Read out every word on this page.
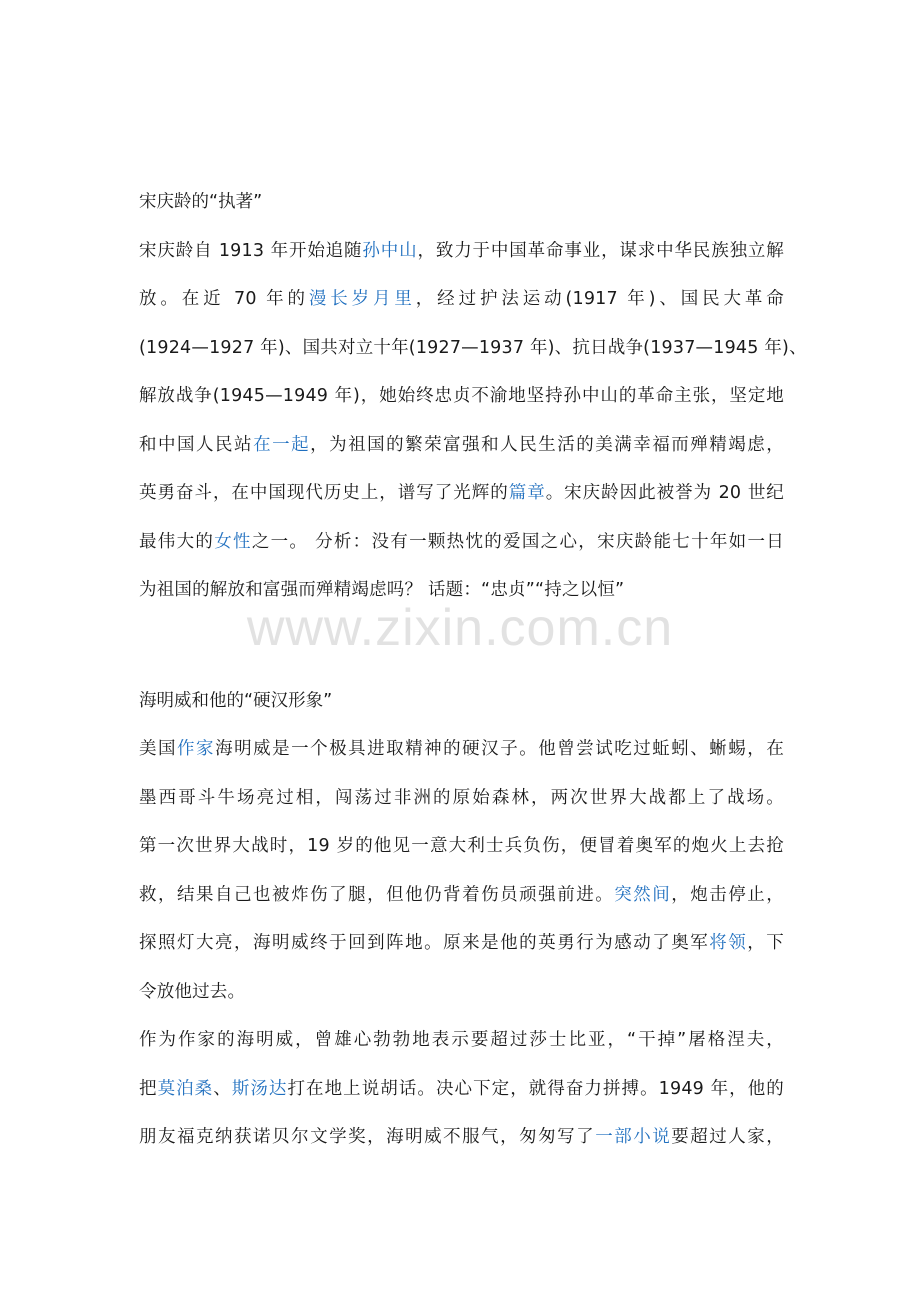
www.zixin.com.cn
宋庆龄的“执著”
宋庆龄自 1913 年开始追随孙中山，致力于中国革命事业，谋求中华民族独立解
放。在近 70 年的漫长岁月里，经过护法运动(1917 年)、国民大革命
(1924—1927 年)、国共对立十年(1927—1937 年)、抗日战争(1937—1945 年)、
解放战争(1945—1949 年)，她始终忠贞不渝地坚持孙中山的革命主张，坚定地
和中国人民站在一起，为祖国的繁荣富强和人民生活的美满幸福而殚精竭虑，
英勇奋斗，在中国现代历史上，谱写了光辉的篇章。宋庆龄因此被誉为 20 世纪
最伟大的女性之一。 分析：没有一颗热忱的爱国之心，宋庆龄能七十年如一日
为祖国的解放和富强而殚精竭虑吗？ 话题：“忠贞”“持之以恒”
海明威和他的“硬汉形象”
美国作家海明威是一个极具进取精神的硬汉子。他曾尝试吃过蚯蚓、蜥蜴，在
墨西哥斗牛场亮过相，闯荡过非洲的原始森林，两次世界大战都上了战场。
第一次世界大战时，19 岁的他见一意大利士兵负伤，便冒着奥军的炮火上去抢
救，结果自己也被炸伤了腿，但他仍背着伤员顽强前进。突然间，炮击停止，
探照灯大亮，海明威终于回到阵地。原来是他的英勇行为感动了奥军将领，下
令放他过去。
作为作家的海明威，曾雄心勃勃地表示要超过莎士比亚，“干掉”屠格涅夫，
把莫泊桑、斯汤达打在地上说胡话。决心下定，就得奋力拼搏。1949 年，他的
朋友福克纳获诺贝尔文学奖，海明威不服气，匆匆写了一部小说要超过人家，
